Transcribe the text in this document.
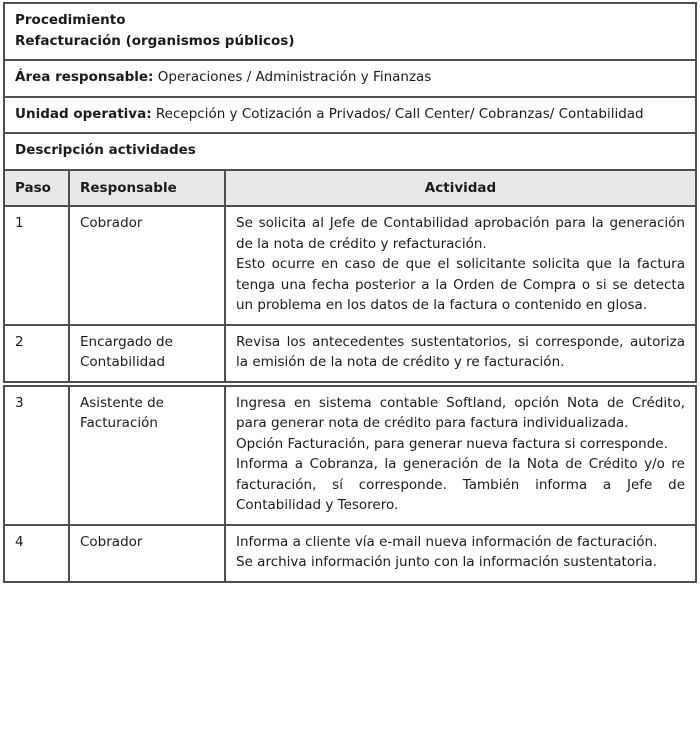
Procedimiento
Refacturación (organismos públicos)		

Área responsable: Operaciones / Administración y Finanzas		

Unidad operativa: Recepción y Cotización a Privados/ Call Center/ Cobranzas/ Contabilidad		

Descripción actividades		
Paso	Responsable	Actividad
1	Cobrador	Se solicita al Jefe de Contabilidad aprobación para la generación de la nota de crédito y refacturación.

Esto ocurre en caso de que el solicitante solicita que la factura tenga una fecha posterior a la Orden de Compra o si se detecta un problema en los datos de la factura o contenido en glosa.

2	Encargado de Contabilidad	Revisa los antecedentes sustentatorios, si corresponde, autoriza la emisión de la nota de crédito y re facturación.

3	Asistente de Facturación	Ingresa en sistema contable Softland, opción Nota de Crédito, para generar nota de crédito para factura individualizada.

Opción Facturación, para generar nueva factura si corresponde.

Informa a Cobranza, la generación de la Nota de Crédito y/o re facturación, sí corresponde. También informa a Jefe de Contabilidad y Tesorero.

4	Cobrador	Informa a cliente vía e-mail nueva información de facturación.

Se archiva información junto con la información sustentatoria.
